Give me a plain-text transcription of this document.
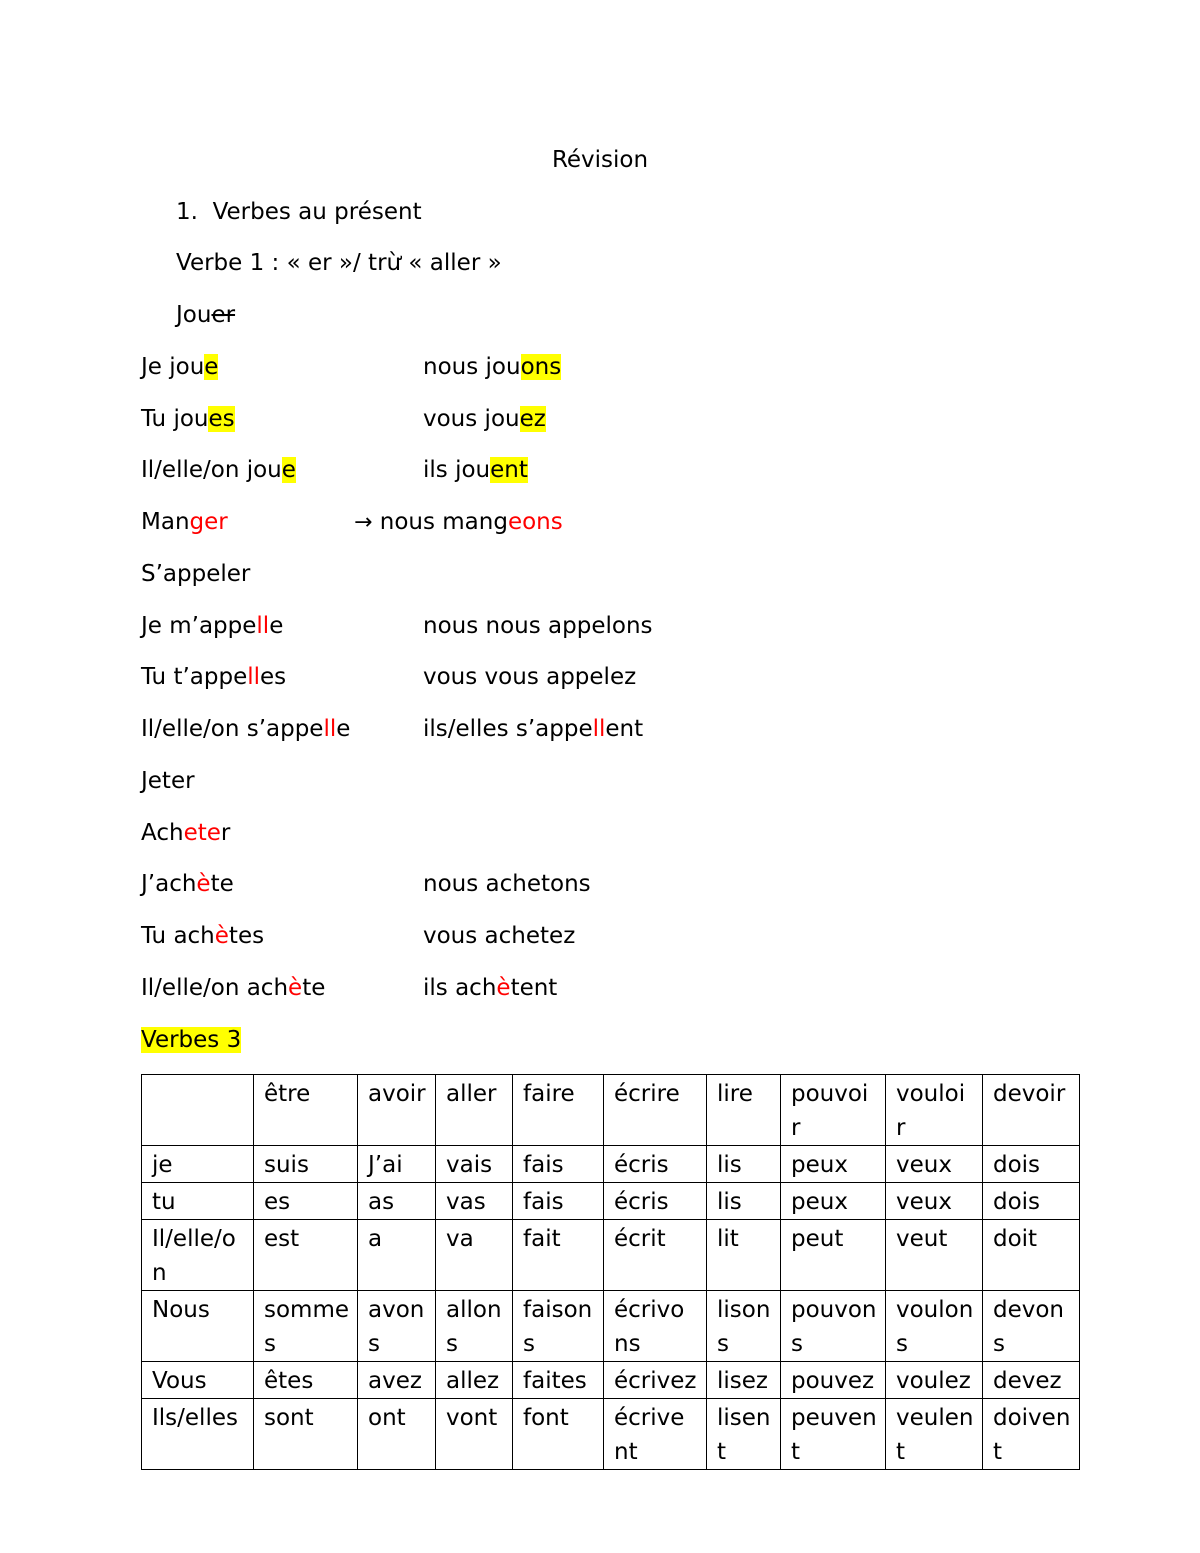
Révision
1. Verbes au présent
Verbe 1 : « er »/ trừ « aller »
Jouer
Je joue	nous jouons
Tu joues	vous jouez
Il/elle/on joue	ils jouent
Manger	→ nous mangeons
S’appeler
Je m’appelle	nous nous appelons
Tu t’appelles	vous vous appelez
Il/elle/on s’appelle	ils/elles s’appellent
Jeter
Acheter
J’achète	nous achetons
Tu achètes	vous achetez
Il/elle/on achète	ils achètent
Verbes 3
	être	avoir	aller	faire	écrire	lire	pouvoir	vouloir	devoir
je	suis	J’ai	vais	fais	écris	lis	peux	veux	dois
tu	es	as	vas	fais	écris	lis	peux	veux	dois
Il/elle/on	est	a	va	fait	écrit	lit	peut	veut	doit
Nous	sommes	avons	allons	faisons	écrivons	lisons	pouvons	voulons	devons
Vous	êtes	avez	allez	faites	écrivez	lisez	pouvez	voulez	devez
Ils/elles	sont	ont	vont	font	écrivent	lisent	peuvent	veulent	doivent
